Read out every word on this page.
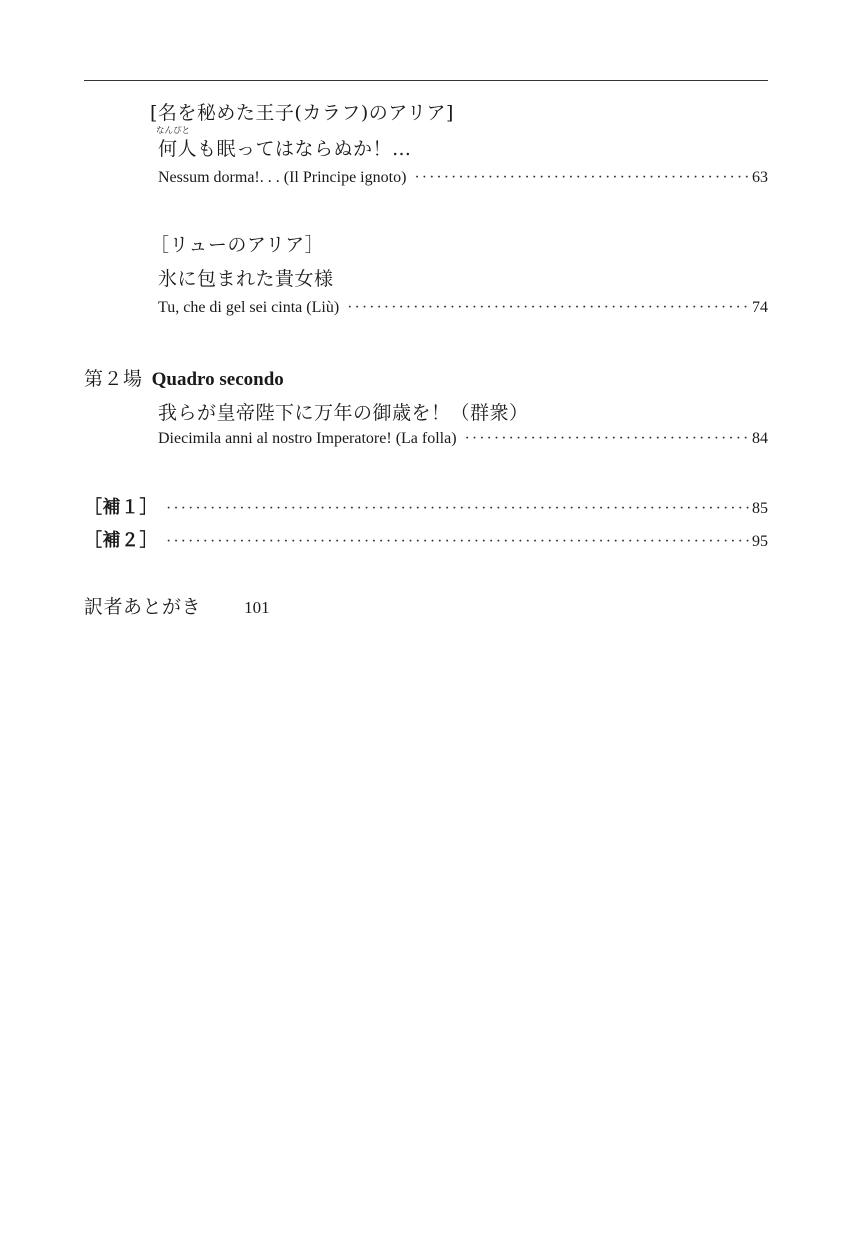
[名を秘めた王子(カラフ)のアリア]
なんぴと
何人も眠ってはならぬか！…
Nessum dorma!. . . (Il Principe ignoto) ·····	63
［リューのアリア］
氷に包まれた貴女様
Tu, che di gel sei cinta (Liù) ·····	74
第２場 Quadro secondo
我らが皇帝陛下に万年の御歳を！（群衆）
Diecimila anni al nostro Imperatore! (La folla) ·····	84
［補１］ ·····	85
［補２］ ·····	95
訳者あとがき	101
